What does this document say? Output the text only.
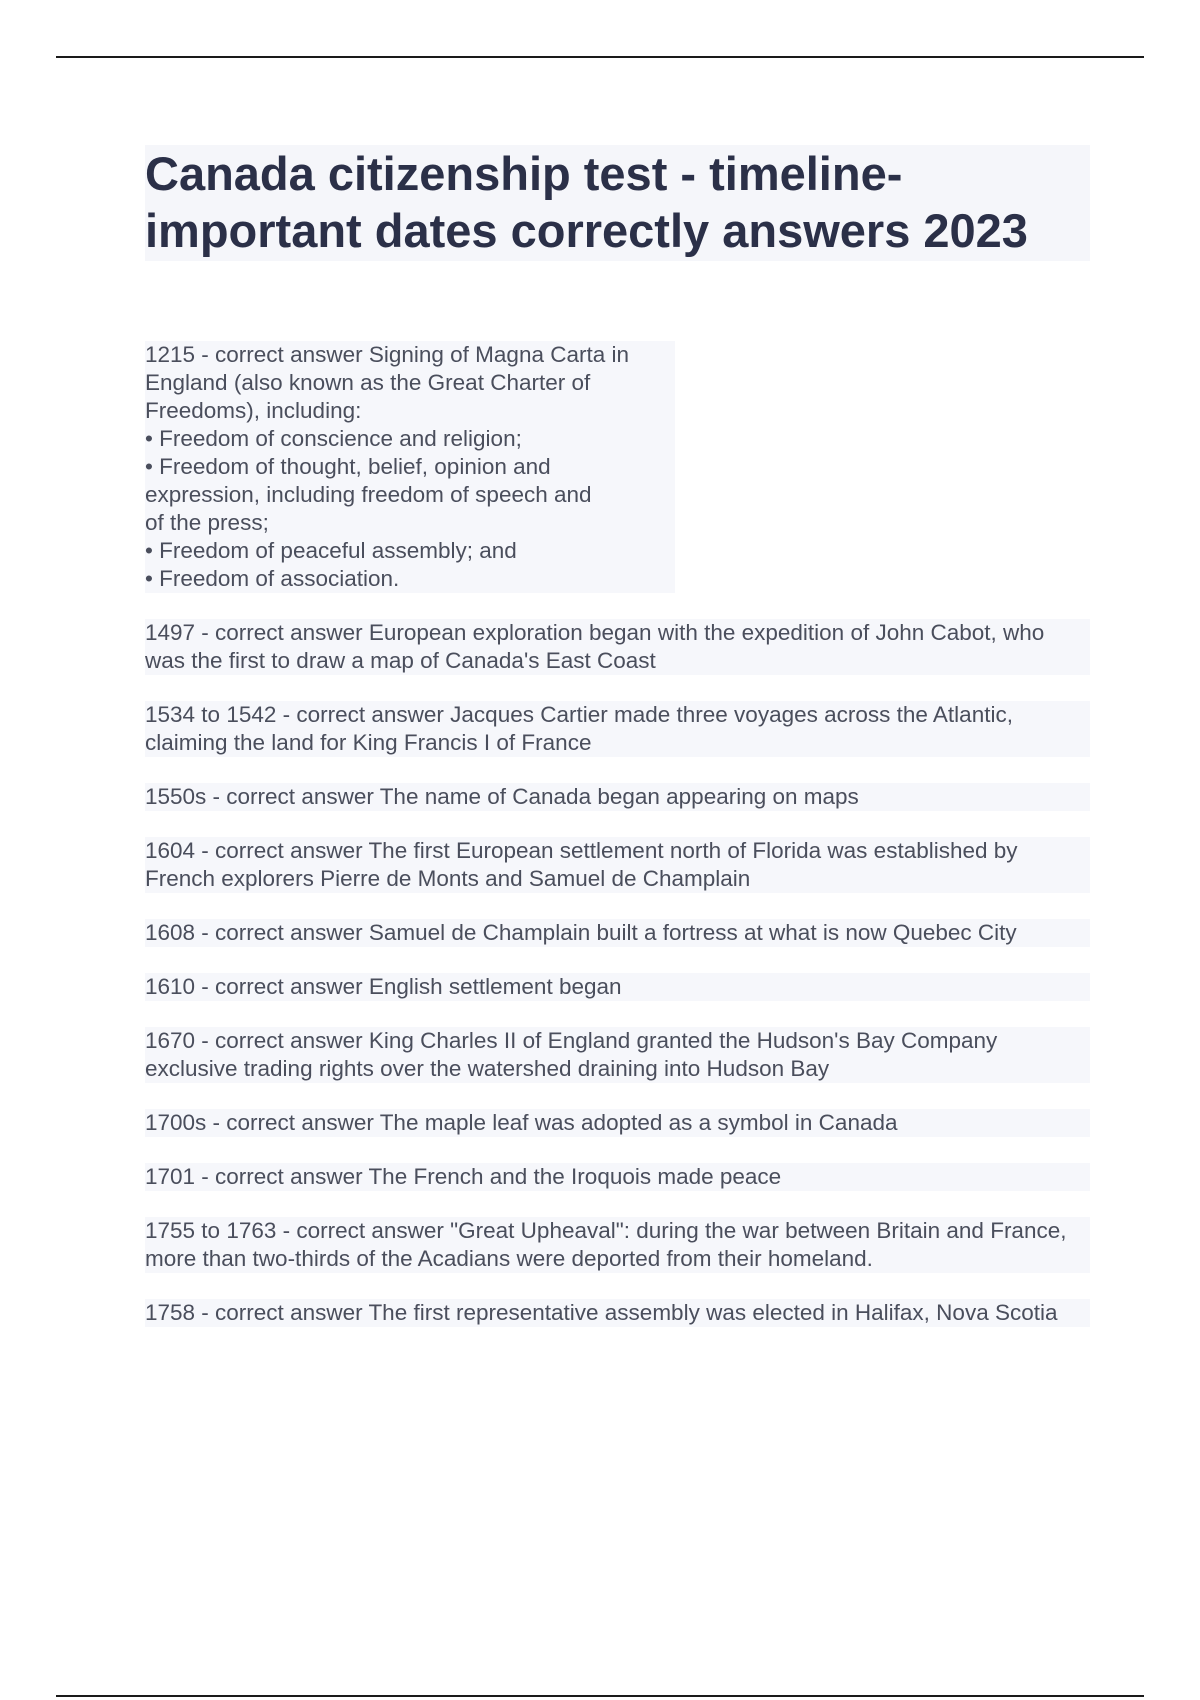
Canada citizenship test - timeline- important dates correctly answers 2023
1215 - correct answer Signing of Magna Carta in
England (also known as the Great Charter of
Freedoms), including:
• Freedom of conscience and religion;
• Freedom of thought, belief, opinion and
expression, including freedom of speech and
of the press;
• Freedom of peaceful assembly; and
• Freedom of association.
1497 - correct answer European exploration began with the expedition of John Cabot, who was the first to draw a map of Canada's East Coast
1534 to 1542 - correct answer Jacques Cartier made three voyages across the Atlantic, claiming the land for King Francis I of France
1550s - correct answer The name of Canada began appearing on maps
1604 - correct answer The first European settlement north of Florida was established by French explorers Pierre de Monts and Samuel de Champlain
1608 - correct answer Samuel de Champlain built a fortress at what is now Quebec City
1610 - correct answer English settlement began
1670 - correct answer King Charles II of England granted the Hudson's Bay Company exclusive trading rights over the watershed draining into Hudson Bay
1700s - correct answer The maple leaf was adopted as a symbol in Canada
1701 - correct answer The French and the Iroquois made peace
1755 to 1763 - correct answer "Great Upheaval": during the war between Britain and France, more than two-thirds of the Acadians were deported from their homeland.
1758 - correct answer The first representative assembly was elected in Halifax, Nova Scotia
